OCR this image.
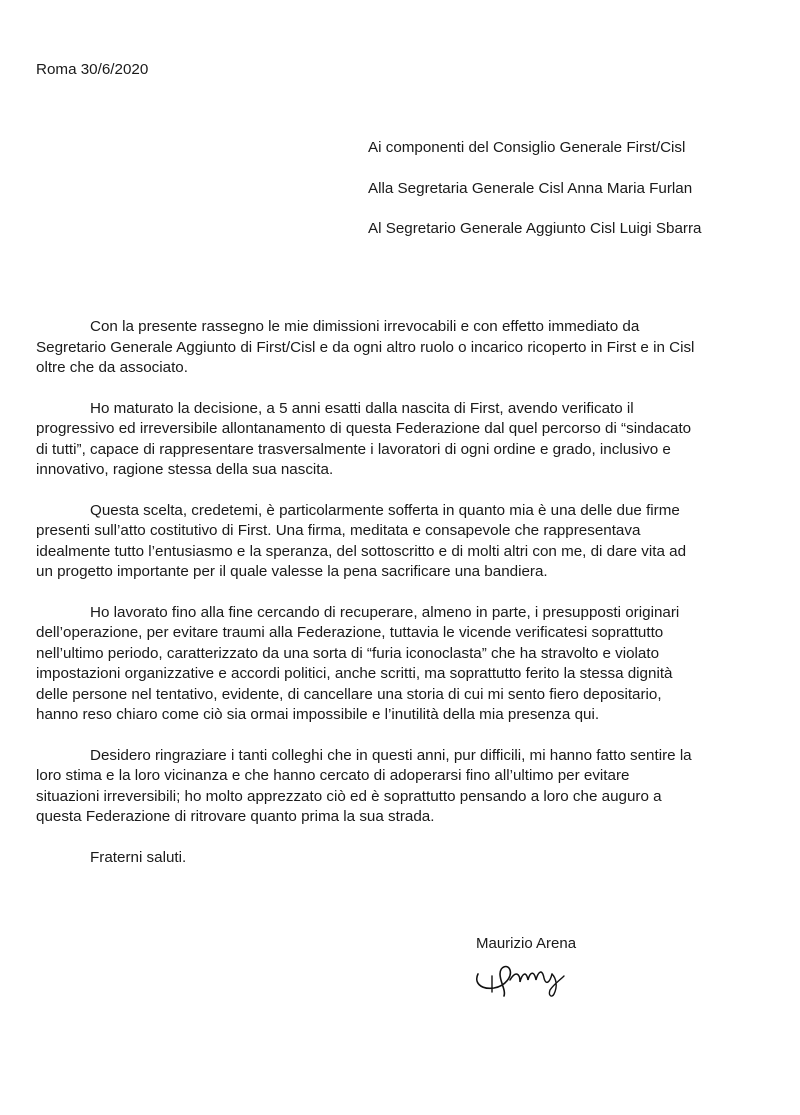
Roma 30/6/2020
Ai componenti del Consiglio Generale First/Cisl
Alla Segretaria Generale Cisl Anna Maria Furlan
Al Segretario Generale Aggiunto Cisl Luigi Sbarra
Con la presente rassegno le mie dimissioni irrevocabili e con effetto immediato da
Segretario Generale Aggiunto di First/Cisl e da ogni altro ruolo o incarico ricoperto in First e in Cisl
oltre che da associato.
Ho maturato la decisione, a 5 anni esatti dalla nascita di First, avendo verificato il
progressivo ed irreversibile allontanamento di questa Federazione dal quel percorso di “sindacato
di tutti”, capace di rappresentare trasversalmente i lavoratori di ogni ordine e grado, inclusivo e
innovativo, ragione stessa della sua nascita.
Questa scelta, credetemi, è particolarmente sofferta in quanto mia è una delle due firme
presenti sull’atto costitutivo di First. Una firma, meditata e consapevole che rappresentava
idealmente tutto l’entusiasmo e la speranza, del sottoscritto e di molti altri con me, di dare vita ad
un progetto importante per il quale valesse la pena sacrificare una bandiera.
Ho lavorato fino alla fine cercando di recuperare, almeno in parte, i presupposti originari
dell’operazione, per evitare traumi alla Federazione, tuttavia le vicende verificatesi soprattutto
nell’ultimo periodo, caratterizzato da una sorta di “furia iconoclasta” che ha stravolto e violato
impostazioni organizzative e accordi politici, anche scritti, ma soprattutto ferito la stessa dignità
delle persone nel tentativo, evidente, di cancellare una storia di cui mi sento fiero depositario,
hanno reso chiaro come ciò sia ormai impossibile e l’inutilità della mia presenza qui.
Desidero ringraziare i tanti colleghi che in questi anni, pur difficili, mi hanno fatto sentire la
loro stima e la loro vicinanza e che hanno cercato di adoperarsi fino all’ultimo per evitare
situazioni irreversibili; ho molto apprezzato ciò ed è soprattutto pensando a loro che auguro a
questa Federazione di ritrovare quanto prima la sua strada.
Fraterni saluti.
Maurizio Arena
